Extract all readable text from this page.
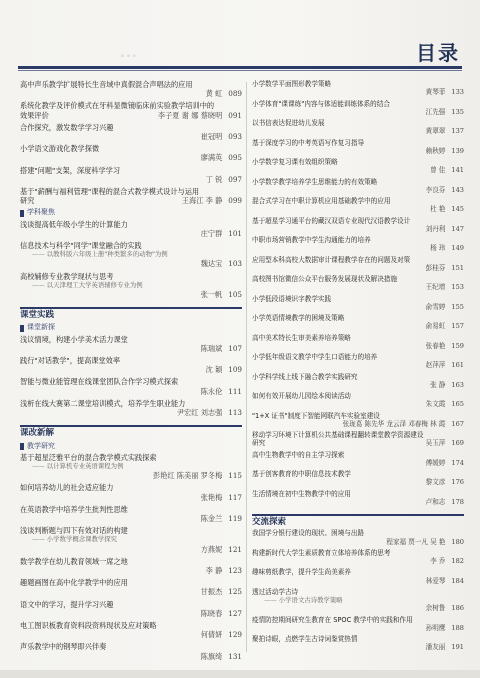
...	目录
高中声乐教学扩展特长生音域中真假混合声唱法的应用
黄 虹 089
系统化教学及评价模式在牙科显微镜临床前实验教学培训中的
效果评价	李子夏 谢 娜 蔡晓明 091
合作探究，激发数学学习兴趣
崔冠明 093
小学语文游戏化教学探微
廖满英 095
搭建"问题"支架，深度科学学习
丁 锐 097
基于"薪酬与福利管理"课程的混合式教学模式设计与运用
研究	王海江 李 静 099
学科聚焦
浅谈提高低年级小学生的计算能力
庄宁群 101
信息技术与科学"同学"课堂融合的实践
—— 以教科版六年级上册"种类繁多的动物"为例
魏达宝 103
高校辅修专业教学现状与思考
—— 以天津理工大学英语辅修专业为例
张一帆 105
课堂实践
课堂新探
浅议情境，构建小学美术活力课堂
陈瑞斌 107
践行"对话教学"，提高课堂效率
沈 颖 109
智能与微业能管理在线课堂团队合作学习模式探索
陈永伦 111
浅析在线大赛第二课堂培训模式，培养学生职业能力
尹宏红 刘志强 113
课改新解
教学研究
基于超星泛雅平台的混合教学模式实践探索
—— 以计算机专业英语课程为例
彭艳红 陈美丽 罗冬梅 115
如何培养幼儿的社会适应能力
张艳梅 117
在英语教学中培养学生批判性思维
陈金兰 119
浅谈判断题与四下有效对话的构建
—— 小学数学概念课教学探究
方燕妮 121
数学教学在幼儿教育领域一席之地
李 静 123
趣题画图在高中化学教学中的应用
甘振杰 125
语文中的学习，提升学习兴趣
陈晓春 127
电工图识板教育资料段资料现状及应对策略
何倩妍 129
声乐教学中的钢琴即兴伴奏
陈旗绮 131
小学数学平面图形教学策略
黄琴菲 133
小学体育"课课练"内容与体适能训练体系的结合
江先强 135
以书信表达促进幼儿发展
黄翠翠 137
基于深度学习的中考英语写作复习指导
赖秋婷 139
小学数学复习课有效组织策略
曾 佳 141
小学数学教学培养学生思维能力的有效策略
李良芬 143
混合式学习在中职计算机应用基础教学中的应用
杜 艳 145
基于超星学习通平台的藏汉双语专业现代汉语教学设计
刘丹利 147
中职市场营销教学中学生沟通能力的培养
杨 玮 149
应用型本科高校大数据审计课程教学存在的问题及对策
彭桂芬 151
高校图书馆微信公众平台服务发展现状及解决措施
王纪增 153
小学低段语境识字教学实践
俞雪婷 155
小学英语情境教学的困境及策略
俞易虹 157
高中美术特长生审美素养培养策略
张春艳 159
小学低年级语文教学中学生口语能力的培养
赵萍萍 161
小学科学线上线下融合教学实践研究
张 静 163
如何有效开展幼儿园绘本阅读活动
朱文霞 165
"1+X 证书"制度下智能网联汽车实验室建设
张珑葛 陈先华 龙云泽 邓春梅 林 霞 167
移动学习环境下计算机公共基础课程翻转课堂教学资源建设
研究	吴玉萍 169
高中生物教学中的自主学习探索
傅媛婷 174
基于创客教育的中职信息技术教学
黎文彦 176
生活情境在初中生物教学中的应用
卢和志 178
交流探索
我国学分银行建设的现状、困境与出路
程家福 贾一凡 吴 艳 180
构建新时代大学生素质教育立体培养体系的思考
李 乔 182
趣味剪纸教学，提升学生尚美素养
林爱琴 184
透过活动学古诗
—— 小学语文古诗教学策略
余树鲁 186
疫情防控期间研究生教育在 SPOC 教学中的实践和作用
孙明鹰 188
聚拍诗眼，点燃学生古诗词鉴赏热情
潘友丽 191
